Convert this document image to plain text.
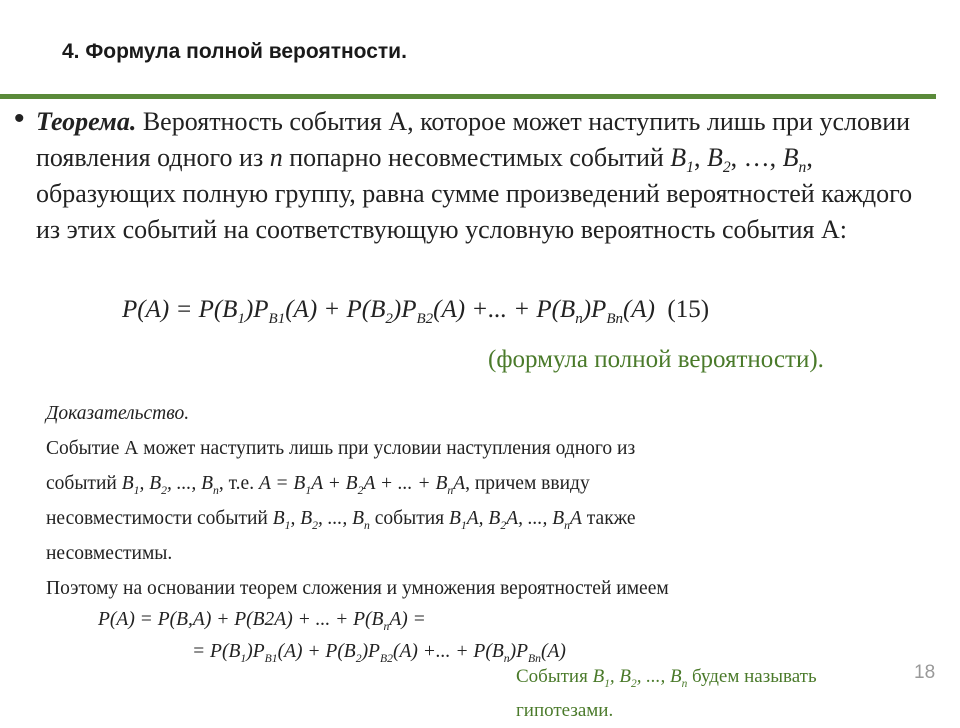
4. Формула полной вероятности.
• Теорема. Вероятность события А, которое может наступить лишь при условии появления одного из n попарно несовместимых событий $B_1$, $B_2$, …, $B_n$, образующих полную группу, равна сумме произведений вероятностей каждого из этих событий на соответствующую условную вероятность события А:
$P(A) = P(B_1)P_{B1}(A) + P(B_2)P_{B2}(A)$ +... + $P(B_n)P_{Bn}(A)$ (15)
(формула полной вероятности).
Доказательство.
Событие А может наступить лишь при условии наступления одного из
событий $B_1$, $B_2$, ..., $B_n$, т.е. $A = B_1A + B_2A$ + ... + $B_nA$, причем ввиду
несовместимости событий $B_1$, $B_2$, ..., $B_n$ события $B_1A$, $B_2A$, ..., $B_nA$ также
несовместимы.
Поэтому на основании теорем сложения и умножения вероятностей имеем
P(A) = P(B,A) + P(B2A) + ... + $P(B_nA)$ =
= $P(B_1)P_{B1}(A) + P(B_2)P_{B2}(A)$ +... + $P(B_n)P_{Bn}(A)$
События $B_1$, $B_2$, ..., $B_n$ будем называть гипотезами.
18
